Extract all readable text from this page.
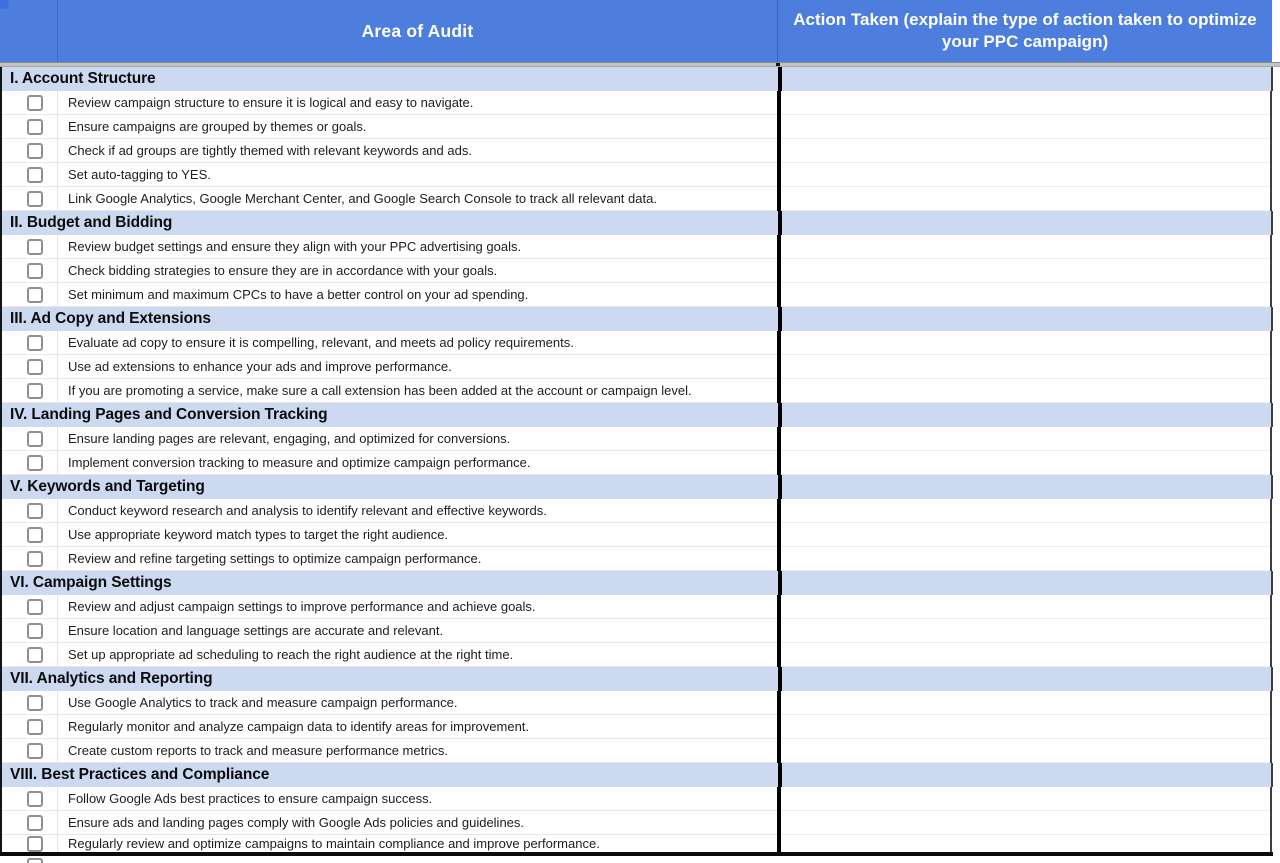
Area of Audit
Action Taken (explain the type of action taken to optimize your PPC campaign)
I. Account Structure
Review campaign structure to ensure it is logical and easy to navigate.
Ensure campaigns are grouped by themes or goals.
Check if ad groups are tightly themed with relevant keywords and ads.
Set auto-tagging to YES.
Link Google Analytics, Google Merchant Center, and Google Search Console to track all relevant data.
II. Budget and Bidding
Review budget settings and ensure they align with your PPC advertising goals.
Check bidding strategies to ensure they are in accordance with your goals.
Set minimum and maximum CPCs to have a better control on your ad spending.
III. Ad Copy and Extensions
Evaluate ad copy to ensure it is compelling, relevant, and meets ad policy requirements.
Use ad extensions to enhance your ads and improve performance.
If you are promoting a service, make sure a call extension has been added at the account or campaign level.
IV. Landing Pages and Conversion Tracking
Ensure landing pages are relevant, engaging, and optimized for conversions.
Implement conversion tracking to measure and optimize campaign performance.
V. Keywords and Targeting
Conduct keyword research and analysis to identify relevant and effective keywords.
Use appropriate keyword match types to target the right audience.
Review and refine targeting settings to optimize campaign performance.
VI. Campaign Settings
Review and adjust campaign settings to improve performance and achieve goals.
Ensure location and language settings are accurate and relevant.
Set up appropriate ad scheduling to reach the right audience at the right time.
VII. Analytics and Reporting
Use Google Analytics to track and measure campaign performance.
Regularly monitor and analyze campaign data to identify areas for improvement.
Create custom reports to track and measure performance metrics.
VIII. Best Practices and Compliance
Follow Google Ads best practices to ensure campaign success.
Ensure ads and landing pages comply with Google Ads policies and guidelines.
Regularly review and optimize campaigns to maintain compliance and improve performance.
